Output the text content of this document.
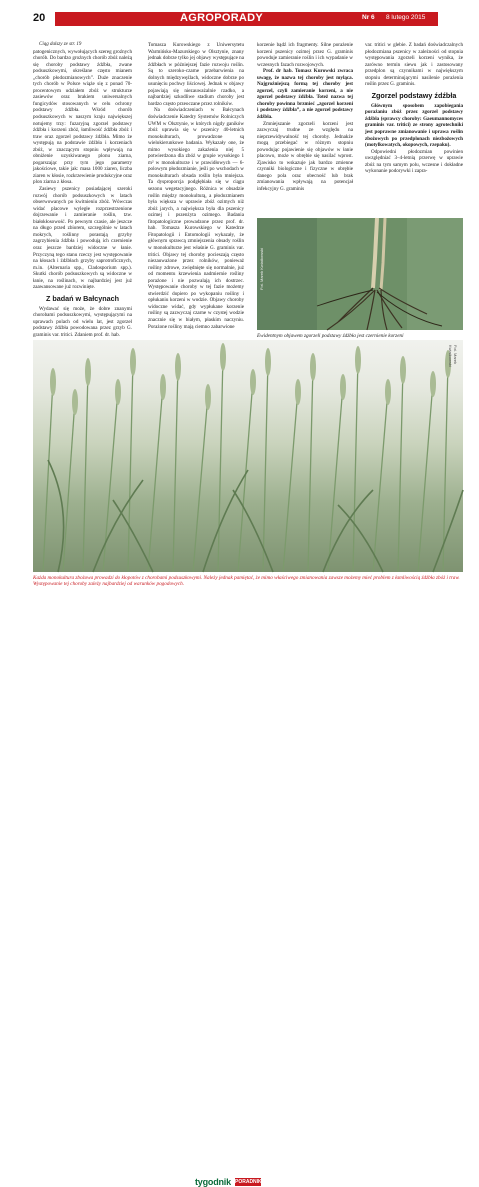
20	AGROPORADY	Nr 6 8 lutego 2015

Ciąg dalszy ze str. 19

patogenicznych, wywołujących szereg groźnych chorób. Do bardzo groźnych chorób zbóż należą się choroby podstawy źdźbła, zwane podsuszkowymi, określane często mianem „chorób płodozmianowych”. Duże znaczenie tych chorób w Polsce wiąże się z ponad 70-procentowym udziałem zbóż w strukturze zasiewów oraz brakiem uniwersalnych fungicydów stosowanych w celu ochrony podstawy źdźbła. Wśród chorób podsuszkowych w naszym kraju największej notujemy trzy: fuzaryjną zgorzel podstawy źdźbła i korzeni zbóż, łamliwość źdźbła zbóż i traw oraz zgorzel podstawy źdźbła. Mimo że występują na podstawie źdźbła i korzeniach zbóż, w znaczącym stopniu wpływają na obniżenie uzyskiwanego plonu ziarna, pogarszając przy tym jego parametry jakościowe, takie jak: masa 1000 ziaren, liczba ziaren w kłosie, rozkrzewienie produkcyjne oraz plon ziarna z kłosa.

Zasiewy pszenicy posiadającej szeroki rozwój chorób podsuszkowych w latach obserwowanych po kwitnieniu zbóż. Wówczas widać placowe wyległe rozprzestrzenione dojrzewanie i zamieranie roślin, tzw. białokłosowość. Po pewnym czasie, ale jeszcze na długo przed zbiorem, szczególnie w latach mokrych, roślinny porastają grzyby zagrzybienia źdźbła i powodują ich czernienie oraz jeszcze bardziej widoczne w łanie. Przyczyną tego stanu rzeczy jest występowanie na kłosach i źdźbłach grzyby saprotroficznych, m.in. (Alternaria spp., Cladosporium spp.). Skutki chorób podsuszkowych są widoczne w łanie, na roślinach, w najbardziej jest już zaawansowane już rozwinięte.

Z badań w Bałcynach

Wydawać się może, że dobre znanymi chorobami podsuszkowymi, występującymi na uprawach polach od wielu lat, jest zgorzel podstawy źdźbła powodowana przez grzyb G. graminis var. tritici. Zdaniem prof. dr. hab.

Tomasza Kurowskiego z Uniwersytetu Warmińsko-Mazurskiego w Olsztynie, znany jednak dobrze tylko jej objawy występujące na źdźbłach w późniejszej fazie rozwoju roślin. Są to szeroko-czarne przebarwienia na dolnych międzywęźlach, widoczne dobrze po usunięciu pochwy liściowej. Jednak w objawy pojawiają się niezauważalnie rzadko, a najbardziej szkodliwe stadium choroby jest bardzo często przeoczane przez rolników.

Na doświadczeniach w Bałcynach doświadczenie Katedry Systemów Rolniczych UWM w Olsztynie, w których nigdy ganików zbóż uprawia się w pszenicy 40-letnich monokulturach, prowadzone są wielokierunkowe badania. Wykazały one, że mimo wysokiego zakażenia niej 5 potwierdzona dla zbóż w grupie wysokiego 1 m² w monokulturze i w prawidłowych — 6-polowym płodozmianie, jeśli po wschodach w monokulturach obsada roślin była mniejsza. Ta dysproporcja podgłębiała się w ciągu sezonu wegetacyjnego. Różnica w obsadzie roślin między monokulturą, a płodozmianem była większa w uprawie zbóż ozimych niż zbóż jarych, a największa była dla pszenicy ozimej i pszenżyta ozimego. Badania fitopatologiczne prowadzone przez prof. dr. hab. Tomasza Kurowskiego w Katedrze Fitopatologii i Entomologii wykazały, że głównym sprawcą zmniejszenia obsady roślin w monokulturze jest właśnie G. graminis var. tritici. Objawy tej choroby pocieszają często niezauważone przez rolników, ponieważ rośliny zdrowe, zwiędnięte się normalnie, już od momentu krzewienia nadmiernie rośliny porażone i nie pozwalają ich dostrzec. Występowanie choroby w tej fazie możemy stwierdzić dopiero po wykopaniu rośliny i opłukaniu korzeni w wodzie. Objawy choroby widoczne widać, gdy wypłukane korzenie rośliny są zazwyczaj czarne w czystej wodzie znacznie się w białym, płaskim naczyniu. Porażone rośliny mają ciemno zabarwione

korzenie bądź ich fragmenty. Silne porażenie korzeni pszenicy ozimej przez G. graminis powoduje zamieranie roślin i ich wypadanie w wczesnych fazach rozwojowych.

Prof. dr hab. Tomasz Kurowski zwraca uwagę, że nazwa tej choroby jest myląca. Najgroźniejszą formą tej choroby jest zgorzel, czyli zamieranie korzeni, a nie zgorzel podstawy źdźbła. Toteż nazwa tej choroby powinna brzmieć „zgorzel korzeni i podstawy źdźbła”, a nie zgorzel podstawy źdźbła.

Zmniejszanie zgorzeli korzeni jest zazwyczaj trudne ze względu na nieprzewidywalność tej choroby. Jednakże mogą przebiegać w różnym stopniu powodując pojawienie się objawów w łanie placowo, może w obrębie się nasilać wprost. Zjawisko to wskazuje jak bardzo zmienne czynniki biologiczne i fizyczne w obrębie danego pola oraz obecność lub brak zmianowania wpływają na potencjał infekcyjny G. graminis

var. tritici w glebie. Z badań doświadczalnych płodozmiana pszenicy w zależności od stopnia występowania zgorzeli korzeni wynika, że zarówno termin siewu jak i zastosowany przedplon są czynnikami w największym stopniu determinującymi nasilenie porażenia roślin przez G. graminis.

Zgorzel podstawy źdźbła

Głównym sposobem zapobiegania porażaniu zbóż przez zgorzel podstawy źdźbła (sprawcy choroby: Gaeumannomyces graminis var. tritici) ze strony agrotechniki jest poprawne zmianowanie i uprawa roślin zbożowych po przedplonach niezbożowych (motylkowatych, okopowych, rzepaku).

Odpowiedni płodozmian powinien uwzględniać 3–4-letnią przerwę w uprawie zbóż na tym samym polu, wczesne i dokładne wykonanie podorywki i zapra-

Fot. Marek Kwiatkowski
Ewidentnym objawem zgorzeli podstawy źdźbła jest czernienie korzeni
Fot. Marek Kwiatkowski
Każda monokultura zbożowa prowadzi do kłopotów z chorobami podsuszkowymi. Należy jednak pamiętać, że mimo właściwego zmianowania zawsze możemy mieć problem z łamliwością źdźbła zbóż i traw. Występowanie tej choroby zależy najbardziej od warunków pogodowych.
tygodnik PORADNIK
